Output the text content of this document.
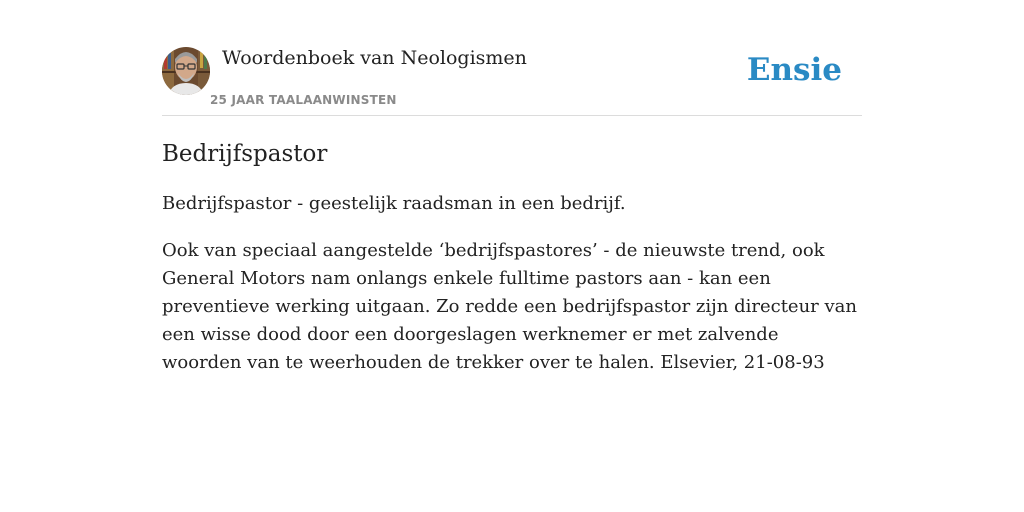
Woordenboek van Neologismen
25 JAAR TAALAANWINSTEN
Ensie
Bedrijfspastor

Bedrijfspastor - geestelijk raadsman in een bedrijf.

Ook van speciaal aangestelde ‘bedrijfspastores’ - de nieuwste trend, ook General Motors nam onlangs enkele fulltime pastors aan - kan een preventieve werking uitgaan. Zo redde een bedrijfspastor zijn directeur van een wisse dood door een doorgeslagen werknemer er met zalvende woorden van te weerhouden de trekker over te halen. Elsevier, 21-08-93
